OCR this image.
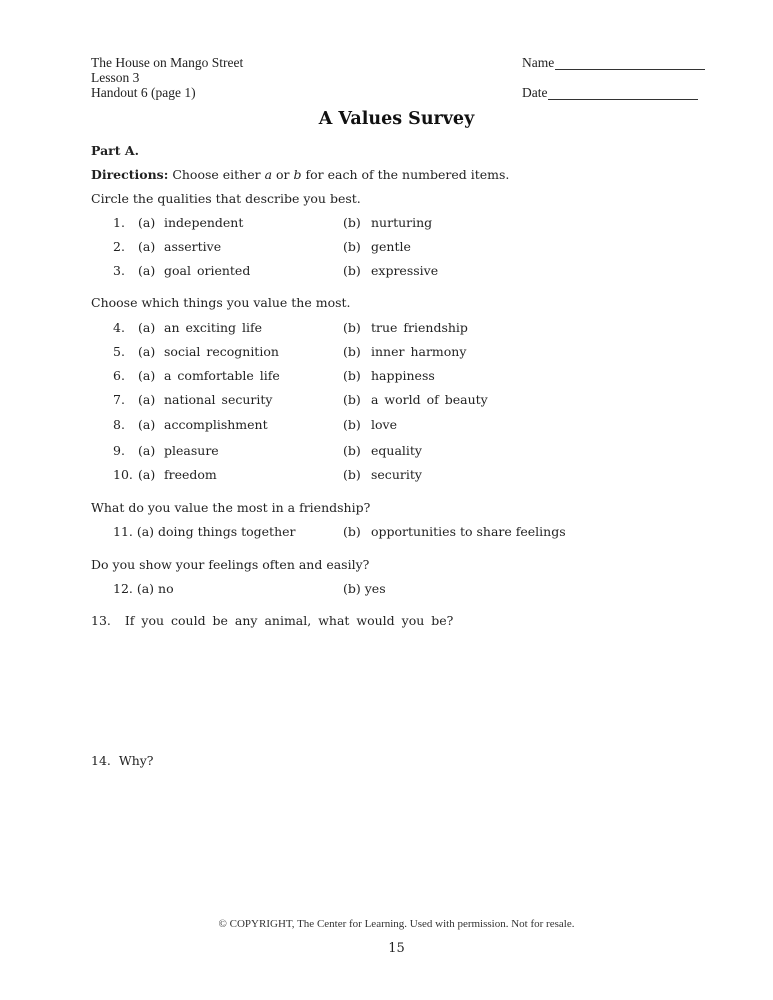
The House on Mango Street
Lesson 3
Handout 6 (page 1)
Name
Date
A Values Survey
Part A.
Directions: Choose either a or b for each of the numbered items.
Circle the qualities that describe you best.
1. (a) independent	(b) nurturing
2. (a) assertive	(b) gentle
3. (a) goal oriented	(b) expressive
Choose which things you value the most.
4. (a) an exciting life	(b) true friendship
5. (a) social recognition	(b) inner harmony
6. (a) a comfortable life	(b) happiness
7. (a) national security	(b) a world of beauty
8. (a) accomplishment	(b) love
9. (a) pleasure	(b) equality
10. (a) freedom	(b) security
What do you value the most in a friendship?
11. (a) doing things together	(b) opportunities to share feelings
Do you show your feelings often and easily?
12. (a) no	(b) yes
13. If you could be any animal, what would you be?
14. Why?
© COPYRIGHT, The Center for Learning. Used with permission. Not for resale.
15
